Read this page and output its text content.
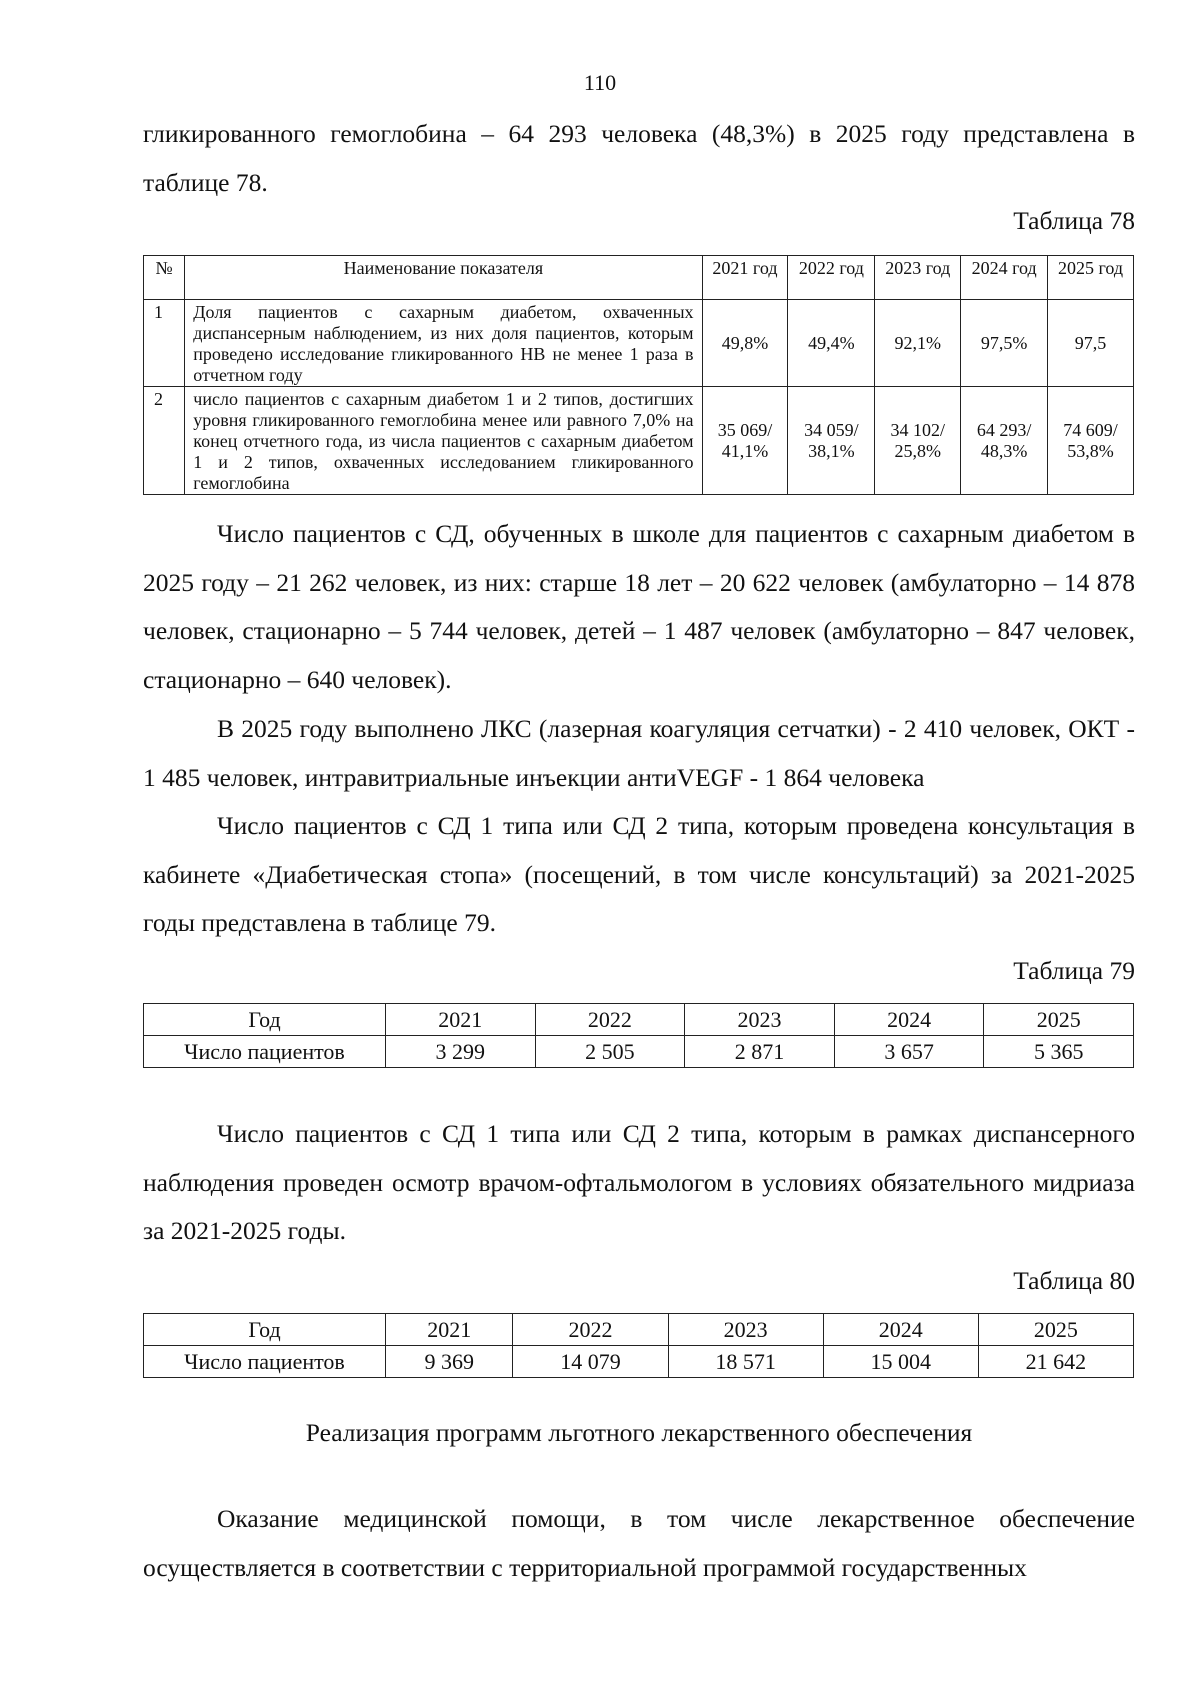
110

гликированного гемоглобина – 64 293 человека (48,3%) в 2025 году представлена в таблице 78.

Таблица 78
№	Наименование показателя	2021 год	2022 год	2023 год	2024 год	2025 год
1	Доля пациентов с сахарным диабетом, охваченных диспансерным наблюдением, из них доля пациентов, которым проведено исследование гликированного НВ не менее 1 раза в отчетном году	49,8%	49,4%	92,1%	97,5%	97,5
2	число пациентов с сахарным диабетом 1 и 2 типов, достигших уровня гликированного гемоглобина менее или равного 7,0% на конец отчетного года, из числа пациентов с сахарным диабетом 1 и 2 типов, охваченных исследованием гликированного гемоглобина	35 069/ 41,1%	34 059/ 38,1%	34 102/ 25,8%	64 293/ 48,3%	74 609/ 53,8%

Число пациентов с СД, обученных в школе для пациентов с сахарным диабетом в 2025 году – 21 262 человек, из них: старше 18 лет – 20 622 человек (амбулаторно – 14 878 человек, стационарно – 5 744 человек, детей – 1 487 человек (амбулаторно – 847 человек, стационарно – 640 человек).

В 2025 году выполнено ЛКС (лазерная коагуляция сетчатки) - 2 410 человек, ОКТ - 1 485 человек, интравитриальные инъекции антиVEGF - 1 864 человека

Число пациентов с СД 1 типа или СД 2 типа, которым проведена консультация в кабинете «Диабетическая стопа» (посещений, в том числе консультаций) за 2021-2025 годы представлена в таблице 79.

Таблица 79
Год	2021	2022	2023	2024	2025
Число пациентов	3 299	2 505	2 871	3 657	5 365

Число пациентов с СД 1 типа или СД 2 типа, которым в рамках диспансерного наблюдения проведен осмотр врачом-офтальмологом в условиях обязательного мидриаза за 2021-2025 годы.

Таблица 80
Год	2021	2022	2023	2024	2025
Число пациентов	9 369	14 079	18 571	15 004	21 642
Реализация программ льготного лекарственного обеспечения

Оказание медицинской помощи, в том числе лекарственное обеспечение осуществляется в соответствии с территориальной программой государственных
